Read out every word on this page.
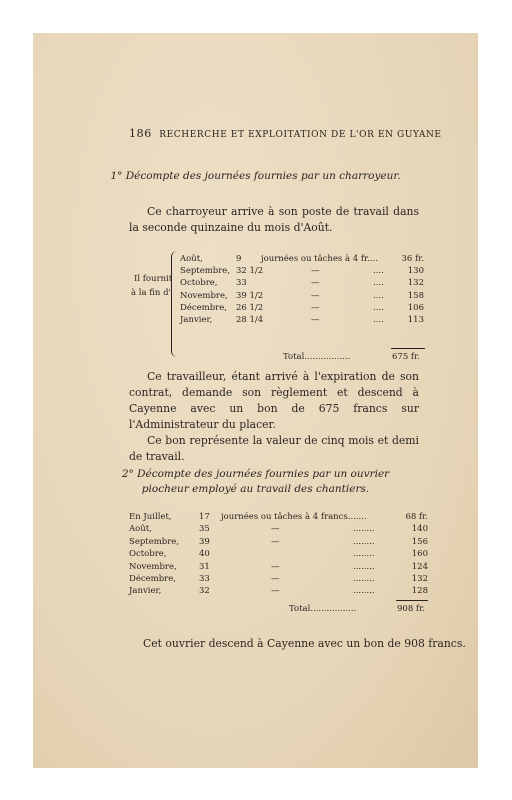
186 RECHERCHE ET EXPLOITATION DE L'OR EN GUYANE
1° Décompte des journées fournies par un charroyeur.

Ce charroyeur arrive à son poste de travail dans la seconde quinzaine du mois d'Août.

Il fournit
à la fin d'
Août,	9 journées ou tâches à 4 fr....	36 fr.
Septembre, 32 1/2	—	....	130
Octobre, 33	—	....	132
Novembre, 39 1/2	—	....	158
Décembre, 26 1/2	—	....	106
Janvier,	28 1/4	—	....	113
Total.................	675 fr.

Ce travailleur, étant arrivé à l'expiration de son contrat, demande son règlement et descend à Cayenne avec un bon de 675 francs sur l'Administrateur du placer.

Ce bon représente la valeur de cinq mois et demi de travail.

2° Décompte des journées fournies par un ouvrier
piocheur employé au travail des chantiers.
En Juillet,	17 journées ou tâches à 4 francs.......	68 fr.
Août,	35	—	........	140
Septembre, 39	—	........	156
Octobre,	40	........	160
Novembre,	31	—	........	124
Décembre,	33	—	........	132
Janvier,	32	—	........	128
Total.................	908 fr.
Cet ouvrier descend à Cayenne avec un bon de 908 francs.
